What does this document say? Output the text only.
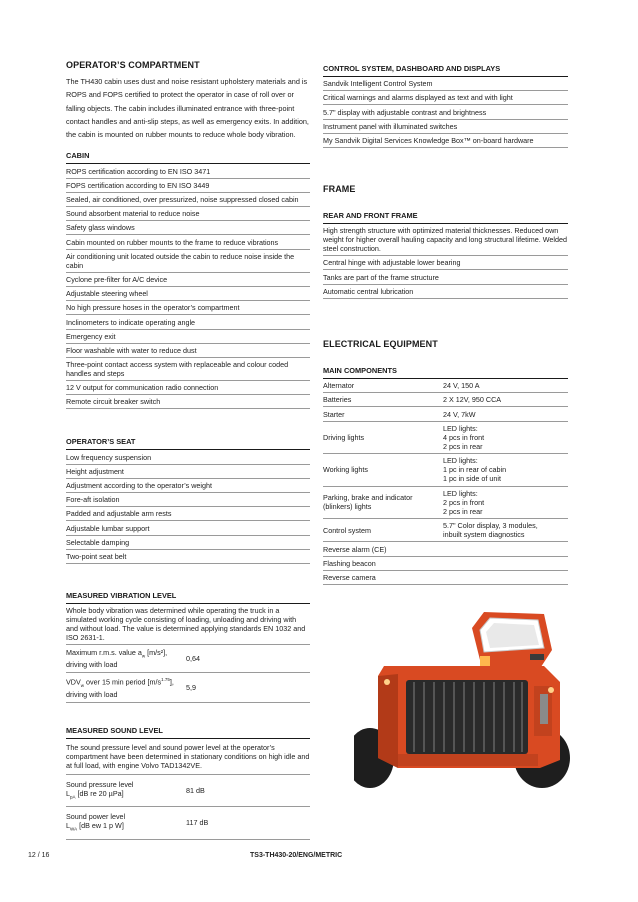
OPERATOR’S COMPARTMENT

The TH430 cabin uses dust and noise resistant upholstery materials and is ROPS and FOPS certified to protect the operator in case of roll over or falling objects. The cabin includes illuminated entrance with three-point contact handles and anti-slip steps, as well as emergency exits. In addition, the cabin is mounted on rubber mounts to reduce whole body vibration.

CABIN
ROPS certification according to EN ISO 3471
FOPS certification according to EN ISO 3449
Sealed, air conditioned, over pressurized, noise suppressed closed cabin
Sound absorbent material to reduce noise
Safety glass windows
Cabin mounted on rubber mounts to the frame to reduce vibrations
Air conditioning unit located outside the cabin to reduce noise inside the cabin
Cyclone pre-filter for A/C device
Adjustable steering wheel
No high pressure hoses in the operator’s compartment
Inclinometers to indicate operating angle
Emergency exit
Floor washable with water to reduce dust
Three-point contact access system with replaceable and colour coded handles and steps
12 V output for communication radio connection
Remote circuit breaker switch
OPERATOR’S SEAT
Low frequency suspension
Height adjustment
Adjustment according to the operator’s weight
Fore-aft isolation
Padded and adjustable arm rests
Adjustable lumbar support
Selectable damping
Two-point seat belt
MEASURED VIBRATION LEVEL
Whole body vibration was determined while operating the truck in a simulated working cycle consisting of loading, unloading and driving with and without load. The value is determined applying standards EN 1032 and ISO 2631-1.
Maximum r.m.s. value $a_w$ [m/s²],
driving with load	0,64
$VDV_w$ over 15 min period $[m/s^{1.75}]$,
driving with load	5,9
MEASURED SOUND LEVEL
The sound pressure level and sound power level at the operator’s compartment have been determined in stationary conditions on high idle and at full load, with engine Volvo TAD1342VE.
Sound pressure level
$L_{pA}$ [dB re 20 µPa]	81 dB
Sound power level
$L_{WA}$ [dB ew 1 p W]	117 dB
CONTROL SYSTEM, DASHBOARD AND DISPLAYS
Sandvik Intelligent Control System
Critical warnings and alarms displayed as text and with light
5.7" display with adjustable contrast and brightness
Instrument panel with illuminated switches
My Sandvik Digital Services Knowledge Box™ on-board hardware
FRAME
REAR AND FRONT FRAME
High strength structure with optimized material thicknesses. Reduced own weight for higher overall hauling capacity and long structural lifetime. Welded steel construction.
Central hinge with adjustable lower bearing
Tanks are part of the frame structure
Automatic central lubrication
ELECTRICAL EQUIPMENT
MAIN COMPONENTS
Alternator	24 V, 150 A

Batteries	2 X 12V, 950 CCA

Starter	24 V, 7kW

Driving lights	LED lights:
4 pcs in front
2 pcs in rear

Working lights	LED lights:
1 pc in rear of cabin
1 pc in side of unit

Parking, brake and indicator (blinkers) lights	LED lights:
2 pcs in front
2 pcs in rear

Control system	5.7" Color display, 3 modules,
inbuilt system diagnostics

Reverse alarm (CE)	
Flashing beacon	
Reverse camera	
12 / 16	TS3-TH430-20/ENG/METRIC
